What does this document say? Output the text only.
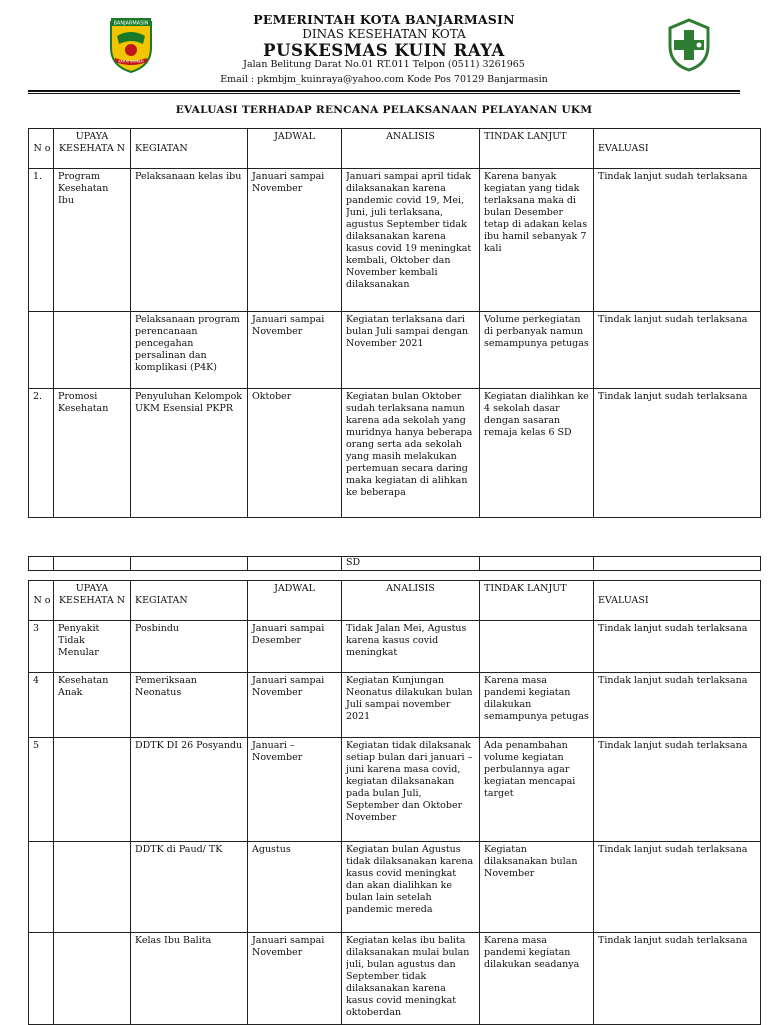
BANJARMASIN
KAYUH BAIMBAI
PEMERINTAH KOTA BANJARMASIN
DINAS KESEHATAN KOTA
PUSKESMAS KUIN RAYA
Jalan Belitung Darat No.01 RT.011 Telpon (0511) 3261965
Email : pkmbjm_kuinraya@yahoo.com Kode Pos 70129 Banjarmasin
EVALUASI TERHADAP RENCANA PELAKSANAAN PELAYANAN UKM
N o	UPAYA KESEHATA N	KEGIATAN	JADWAL	ANALISIS	TINDAK LANJUT	EVALUASI
1.	Program Kesehatan Ibu	Pelaksanaan kelas ibu	Januari sampai November	Januari sampai april tidak dilaksanakan karena pandemic covid 19, Mei, Juni, juli terlaksana, agustus September tidak dilaksanakan karena kasus covid 19 meningkat kembali, Oktober dan November kembali dilaksanakan	Karena banyak kegiatan yang tidak terlaksana maka di bulan Desember tetap di adakan kelas ibu hamil sebanyak 7 kali	Tindak lanjut sudah terlaksana
		Pelaksanaan program perencanaan pencegahan persalinan dan komplikasi (P4K)	Januari sampai November	Kegiatan terlaksana dari bulan Juli sampai dengan November 2021	Volume perkegiatan di perbanyak namun semampunya petugas	Tindak lanjut sudah terlaksana
2.	Promosi Kesehatan	Penyuluhan Kelompok UKM Esensial PKPR	Oktober	Kegiatan bulan Oktober sudah terlaksana namun karena ada sekolah yang muridnya hanya beberapa orang serta ada sekolah yang masih melakukan pertemuan secara daring maka kegiatan di alihkan ke beberapa	Kegiatan dialihkan ke 4 sekolah dasar dengan sasaran remaja kelas 6 SD	Tindak lanjut sudah terlaksana
				SD		
N o	UPAYA KESEHATA N	KEGIATAN	JADWAL	ANALISIS	TINDAK LANJUT	EVALUASI
3	Penyakit Tidak Menular	Posbindu	Januari sampai Desember	Tidak Jalan Mei, Agustus karena kasus covid meningkat		Tindak lanjut sudah terlaksana
4	Kesehatan Anak	Pemeriksaan Neonatus	Januari sampai November	Kegiatan Kunjungan Neonatus dilakukan bulan Juli sampai november 2021	Karena masa pandemi kegiatan dilakukan semampunya petugas	Tindak lanjut sudah terlaksana
5		DDTK DI 26 Posyandu	Januari – November	Kegiatan tidak dilaksanak setiap bulan dari januari – juni karena masa covid, kegiatan dilaksanakan pada bulan Juli, September dan Oktober November	Ada penambahan volume kegiatan perbulannya agar kegiatan mencapai target	Tindak lanjut sudah terlaksana
		DDTK di Paud/ TK	Agustus	Kegiatan bulan Agustus tidak dilaksanakan karena kasus covid meningkat dan akan dialihkan ke bulan lain setelah pandemic mereda	Kegiatan dilaksanakan bulan November	Tindak lanjut sudah terlaksana
		Kelas Ibu Balita	Januari sampai November	Kegiatan kelas ibu balita dilaksanakan mulai bulan juli, bulan agustus dan September tidak dilaksanakan karena kasus covid meningkat oktoberdan	Karena masa pandemi kegiatan dilakukan seadanya	Tindak lanjut sudah terlaksana
